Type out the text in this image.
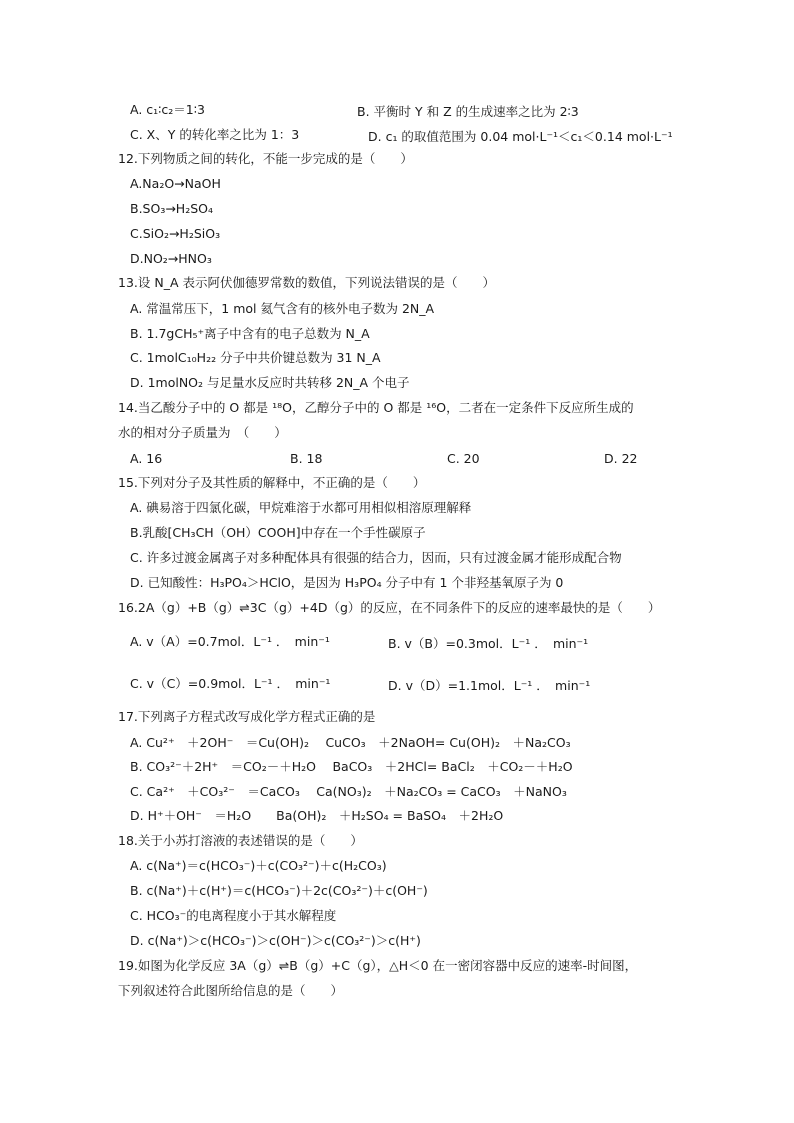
A. c₁∶c₂＝1∶3	B. 平衡时 Y 和 Z 的生成速率之比为 2∶3
C. X、Y 的转化率之比为 1：3	D. c₁ 的取值范围为 0.04 mol·L⁻¹＜c₁＜0.14 mol·L⁻¹
12.下列物质之间的转化，不能一步完成的是（　　）
A.Na₂O→NaOH
B.SO₃→H₂SO₄
C.SiO₂→H₂SiO₃
D.NO₂→HNO₃
13.设 N_A 表示阿伏伽德罗常数的数值，下列说法错误的是（　　）
A. 常温常压下，1 mol 氦气含有的核外电子数为 2N_A
B. 1.7gCH₅⁺离子中含有的电子总数为 N_A
C. 1molC₁₀H₂₂ 分子中共价键总数为 31 N_A
D. 1molNO₂ 与足量水反应时共转移 2N_A 个电子
14.当乙酸分子中的 O 都是 ¹⁸O，乙醇分子中的 O 都是 ¹⁶O，二者在一定条件下反应所生成的
水的相对分子质量为　（　　）
A. 16	B. 18	C. 20	D. 22
15.下列对分子及其性质的解释中，不正确的是（　　）
A. 碘易溶于四氯化碳，甲烷难溶于水都可用相似相溶原理解释
B.乳酸[CH₃CH（OH）COOH]中存在一个手性碳原子
C. 许多过渡金属离子对多种配体具有很强的结合力，因而，只有过渡金属才能形成配合物
D. 已知酸性：H₃PO₄＞HClO，是因为 H₃PO₄ 分子中有 1 个非羟基氧原子为 0
16.2A（g）+B（g）⇌3C（g）+4D（g）的反应，在不同条件下的反应的速率最快的是（　　）
A. v（A）=0.7mol．L⁻¹ ．　min⁻¹	B. v（B）=0.3mol．L⁻¹ ．　min⁻¹
C. v（C）=0.9mol．L⁻¹ ．　min⁻¹	D. v（D）=1.1mol．L⁻¹ ．　min⁻¹
17.下列离子方程式改写成化学方程式正确的是
A. Cu²⁺　＋2OH⁻　＝Cu(OH)₂　 CuCO₃　＋2NaOH= Cu(OH)₂　＋Na₂CO₃
B. CO₃²⁻＋2H⁺　＝CO₂－＋H₂O　 BaCO₃　＋2HCl= BaCl₂　＋CO₂－＋H₂O
C. Ca²⁺　＋CO₃²⁻　＝CaCO₃　 Ca(NO₃)₂　＋Na₂CO₃ = CaCO₃　＋NaNO₃
D. H⁺＋OH⁻　＝H₂O　　Ba(OH)₂　＋H₂SO₄ = BaSO₄　＋2H₂O
18.关于小苏打溶液的表述错误的是（　　）
A. c(Na⁺)＝c(HCO₃⁻)＋c(CO₃²⁻)＋c(H₂CO₃)
B. c(Na⁺)＋c(H⁺)＝c(HCO₃⁻)＋2c(CO₃²⁻)＋c(OH⁻)
C. HCO₃⁻的电离程度小于其水解程度
D. c(Na⁺)＞c(HCO₃⁻)＞c(OH⁻)＞c(CO₃²⁻)＞c(H⁺)
19.如图为化学反应 3A（g）⇌B（g）+C（g），△H＜0 在一密闭容器中反应的速率-时间图，
下列叙述符合此图所给信息的是（　　）
